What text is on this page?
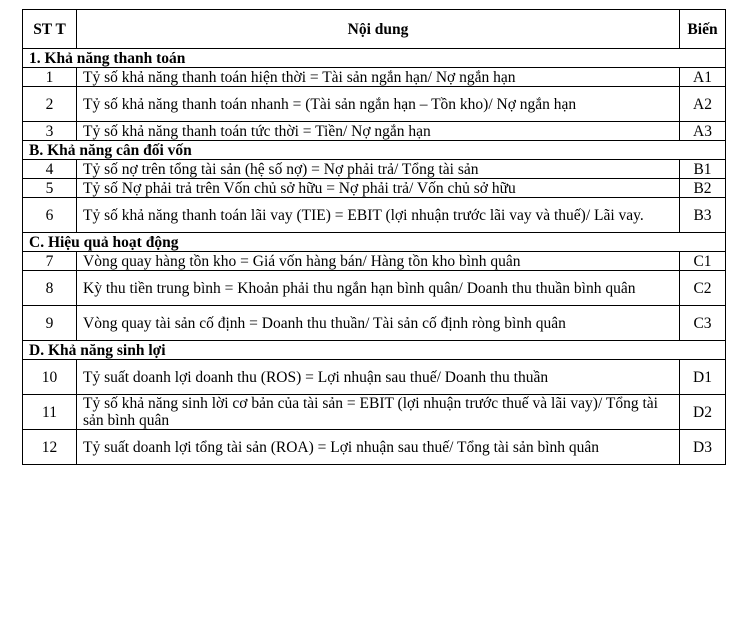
ST T	Nội dung	Biến
1. Khả năng thanh toán		
1	Tỷ số khả năng thanh toán hiện thời = Tài sản ngắn hạn/ Nợ ngắn hạn	A1
2	Tỷ số khả năng thanh toán nhanh = (Tài sản ngắn hạn – Tồn kho)/ Nợ ngắn hạn	A2
3	Tỷ số khả năng thanh toán tức thời = Tiền/ Nợ ngắn hạn	A3
B. Khả năng cân đối vốn		
4	Tỷ số nợ trên tổng tài sản (hệ số nợ) = Nợ phải trả/ Tổng tài sản	B1
5	Tỷ số Nợ phải trả trên Vốn chủ sở hữu = Nợ phải trả/ Vốn chủ sở hữu	B2
6	Tỷ số khả năng thanh toán lãi vay (TIE) = EBIT (lợi nhuận trước lãi vay và thuế)/ Lãi vay.	B3
C. Hiệu quả hoạt động		
7	Vòng quay hàng tồn kho = Giá vốn hàng bán/ Hàng tồn kho bình quân	C1
8	Kỳ thu tiền trung bình = Khoản phải thu ngắn hạn bình quân/ Doanh thu thuần bình quân	C2
9	Vòng quay tài sản cố định = Doanh thu thuần/ Tài sản cố định ròng bình quân	C3
D. Khả năng sinh lợi		
10	Tỷ suất doanh lợi doanh thu (ROS) = Lợi nhuận sau thuế/ Doanh thu thuần	D1
11	Tỷ số khả năng sinh lời cơ bản của tài sản = EBIT (lợi nhuận trước thuế và lãi vay)/ Tổng tài sản bình quân	D2
12	Tỷ suất doanh lợi tổng tài sản (ROA) = Lợi nhuận sau thuế/ Tổng tài sản bình quân	D3
